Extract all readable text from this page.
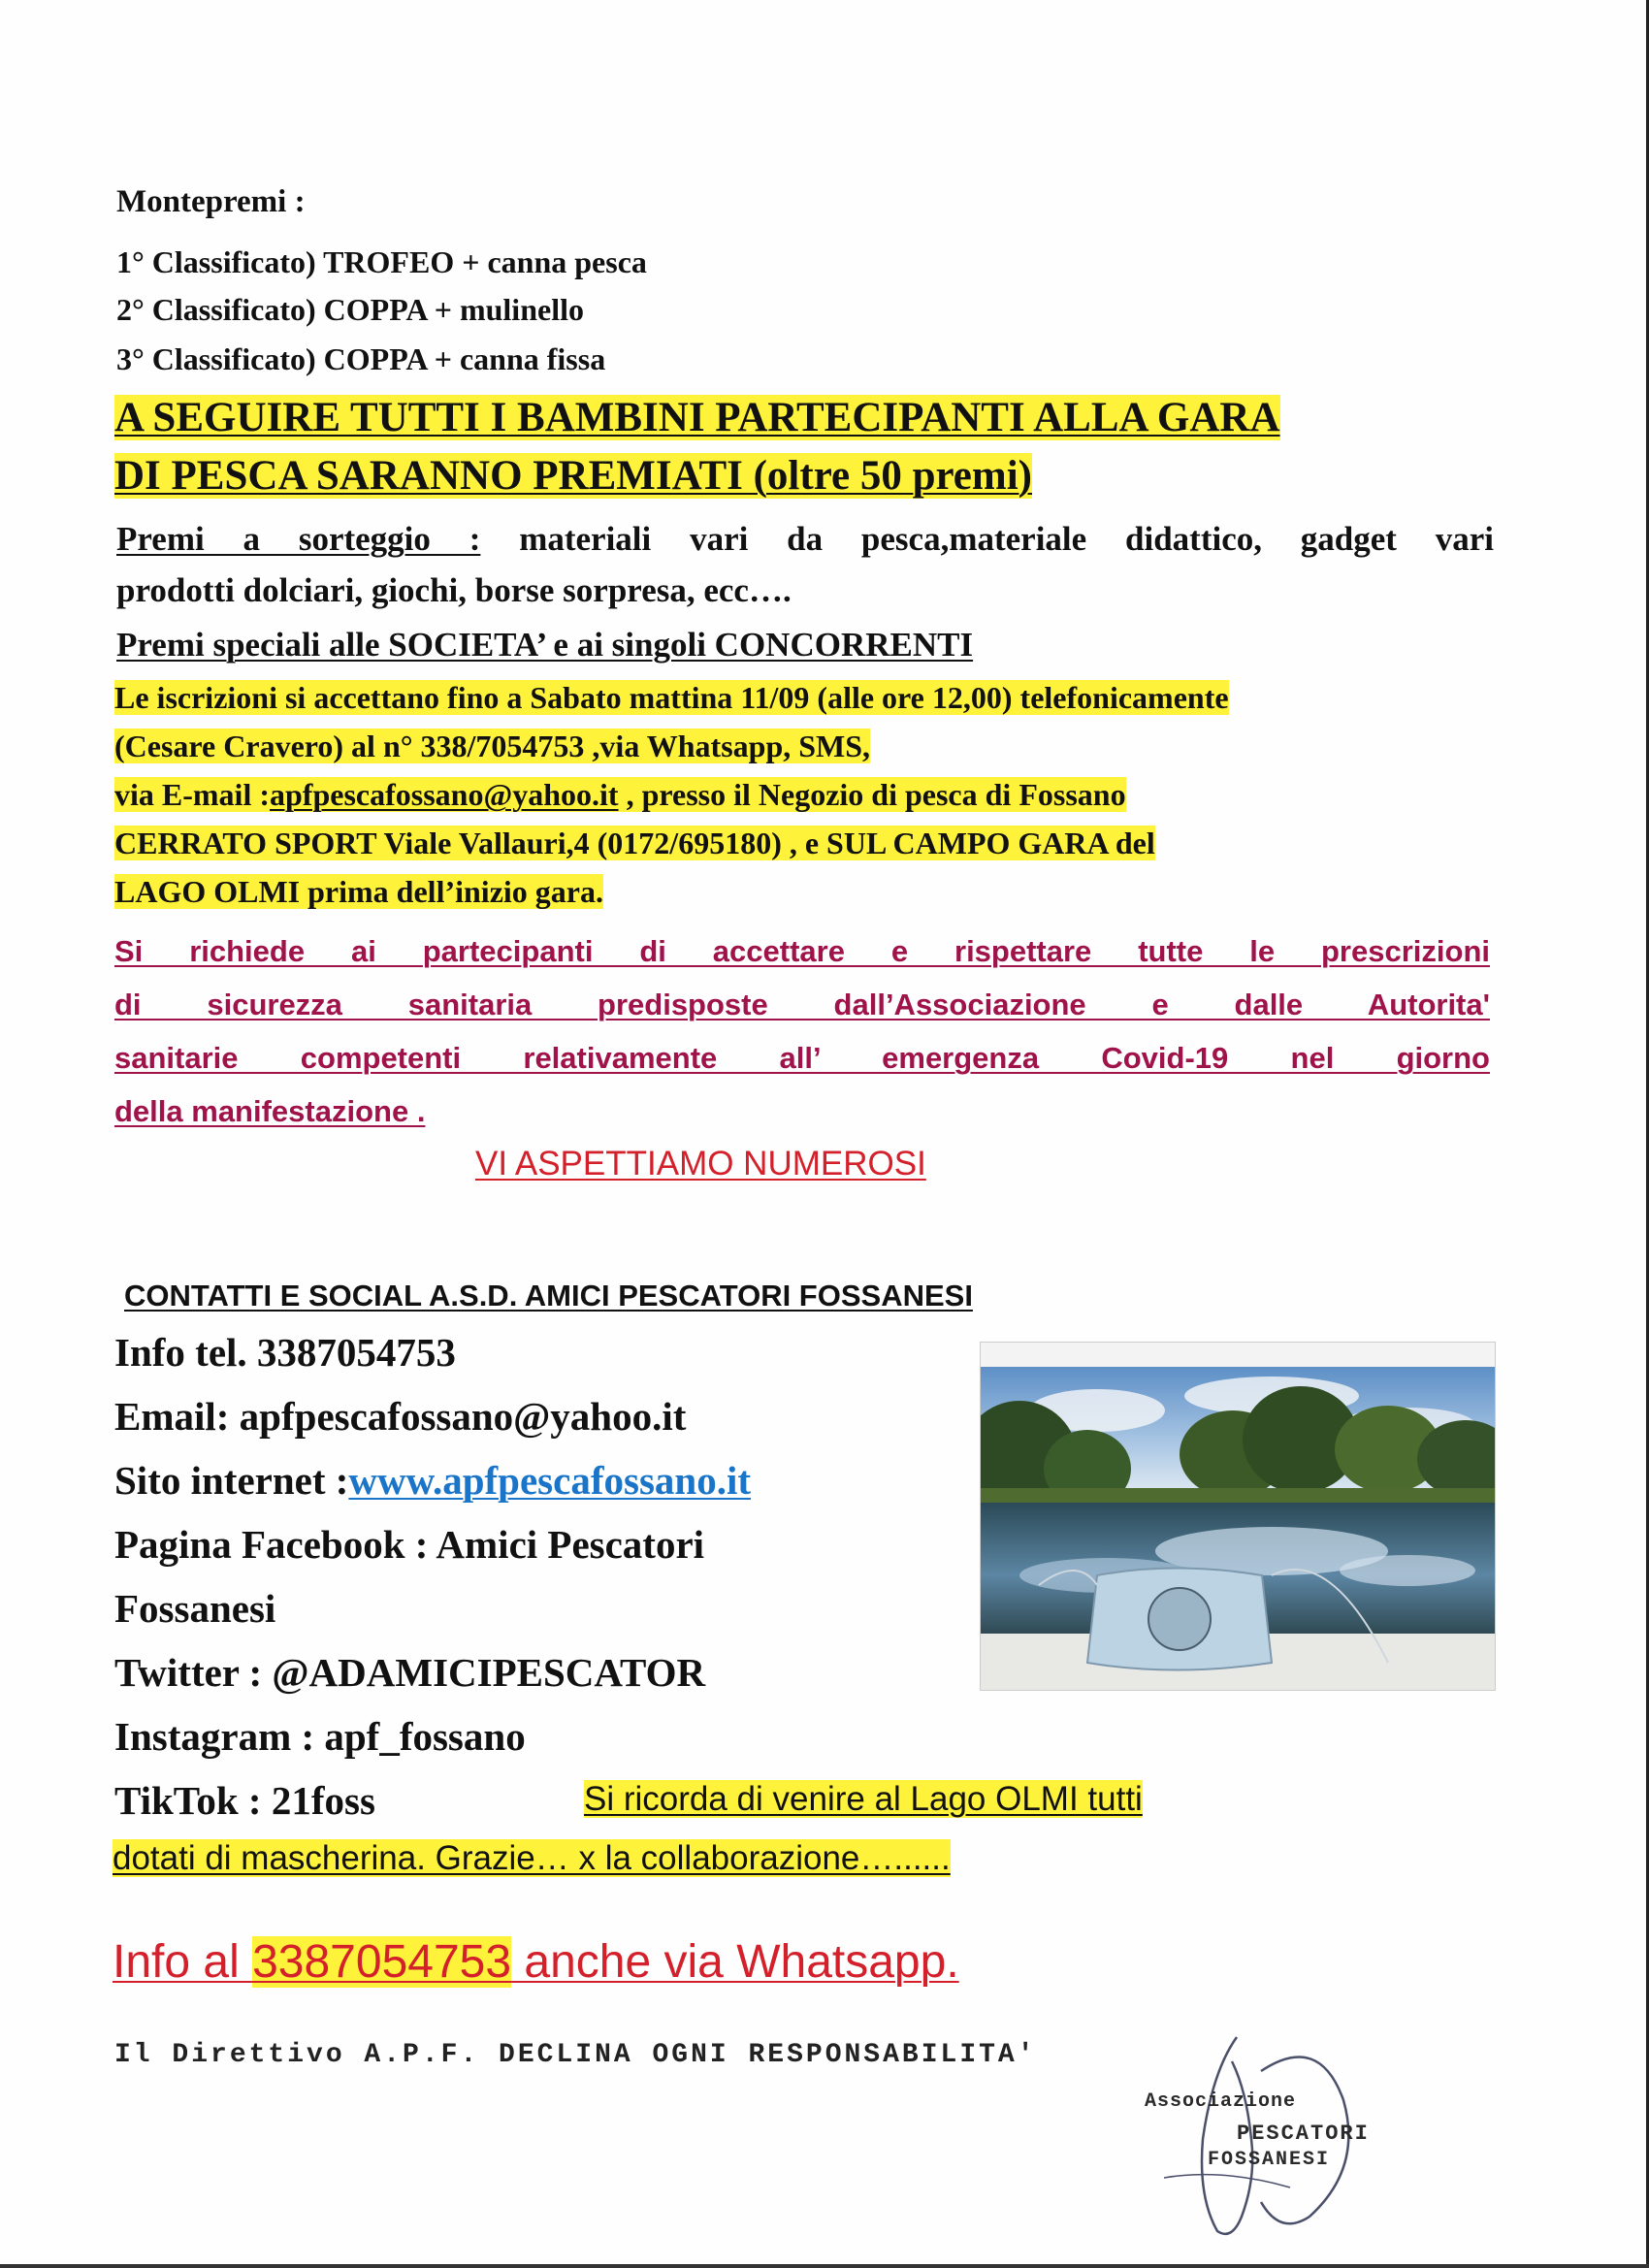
Montepremi :
1° Classificato) TROFEO + canna pesca
2° Classificato) COPPA + mulinello
3° Classificato) COPPA + canna fissa
A SEGUIRE TUTTI I BAMBINI PARTECIPANTI ALLA GARA
DI PESCA SARANNO PREMIATI (oltre 50 premi)
Premi a sorteggio : materiali vari da pesca,materiale didattico, gadget vari
prodotti dolciari, giochi, borse sorpresa, ecc….
Premi speciali alle SOCIETA’ e ai singoli CONCORRENTI
Le iscrizioni si accettano fino a Sabato mattina 11/09 (alle ore 12,00) telefonicamente
(Cesare Cravero) al n° 338/7054753 ,via Whatsapp, SMS,
via E-mail :apfpescafossano@yahoo.it , presso il Negozio di pesca di Fossano
CERRATO SPORT Viale Vallauri,4 (0172/695180) , e SUL CAMPO GARA del
LAGO OLMI prima dell’inizio gara.
Si richiede ai partecipanti di accettare e rispettare tutte le prescrizioni
di sicurezza sanitaria predisposte dall’Associazione e dalle Autorita'
sanitarie competenti relativamente all’ emergenza Covid-19 nel giorno
della manifestazione .
VI ASPETTIAMO NUMEROSI
CONTATTI E SOCIAL A.S.D. AMICI PESCATORI FOSSANESI
Info tel. 3387054753
Email: apfpescafossano@yahoo.it
Sito internet :www.apfpescafossano.it
Pagina Facebook : Amici Pescatori
Fossanesi
Twitter : @ADAMICIPESCATOR
Instagram : apf_fossano
TikTok : 21foss	Si ricorda di venire al Lago OLMI tutti
dotati di mascherina. Grazie… x la collaborazione…......
Info al 3387054753 anche via Whatsapp.
Il Direttivo A.P.F. DECLINA OGNI RESPONSABILITA'
Associazione
PESCATORI
FOSSANESI
